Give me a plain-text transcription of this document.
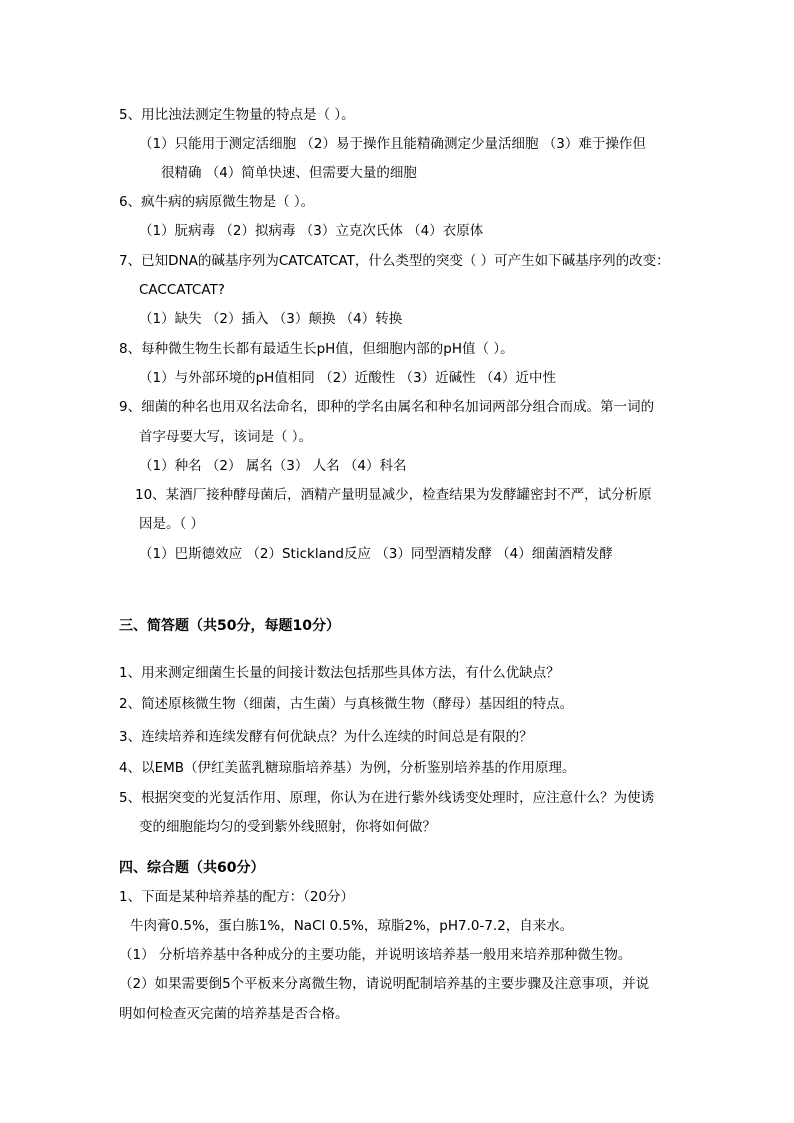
5、用比浊法测定生物量的特点是（ ）。
（1）只能用于测定活细胞 （2）易于操作且能精确测定少量活细胞 （3）难于操作但
很精确 （4）简单快速、但需要大量的细胞
6、疯牛病的病原微生物是（ ）。
（1）朊病毒 （2）拟病毒 （3）立克次氏体 （4）衣原体
7、已知DNA的碱基序列为CATCATCAT，什么类型的突变（ ）可产生如下碱基序列的改变：
CACCATCAT?
（1）缺失 （2）插入 （3）颠换 （4）转换
8、每种微生物生长都有最适生长pH值，但细胞内部的pH值（ ）。
（1）与外部环境的pH值相同 （2）近酸性 （3）近碱性 （4）近中性
9、细菌的种名也用双名法命名，即种的学名由属名和种名加词两部分组合而成。第一词的
首字母要大写，该词是（ ）。
（1）种名 （2） 属名（3） 人名 （4）科名
10、某酒厂接种酵母菌后，酒精产量明显减少，检查结果为发酵罐密封不严，试分析原
因是。（ ）
（1）巴斯德效应 （2）Stickland反应 （3）同型酒精发酵 （4）细菌酒精发酵
三、简答题（共50分，每题10分）
1、用来测定细菌生长量的间接计数法包括那些具体方法，有什么优缺点？
2、简述原核微生物（细菌，古生菌）与真核微生物（酵母）基因组的特点。
3、连续培养和连续发酵有何优缺点？为什么连续的时间总是有限的？
4、以EMB（伊红美蓝乳糖琼脂培养基）为例，分析鉴别培养基的作用原理。
5、根据突变的光复活作用、原理，你认为在进行紫外线诱变处理时，应注意什么？为使诱
变的细胞能均匀的受到紫外线照射，你将如何做？
四、综合题（共60分）
1、下面是某种培养基的配方：（20分）
牛肉膏0.5%，蛋白胨1%，NaCl 0.5%，琼脂2%，pH7.0-7.2，自来水。
（1） 分析培养基中各种成分的主要功能，并说明该培养基一般用来培养那种微生物。
（2）如果需要倒5个平板来分离微生物，请说明配制培养基的主要步骤及注意事项，并说
明如何检查灭完菌的培养基是否合格。
